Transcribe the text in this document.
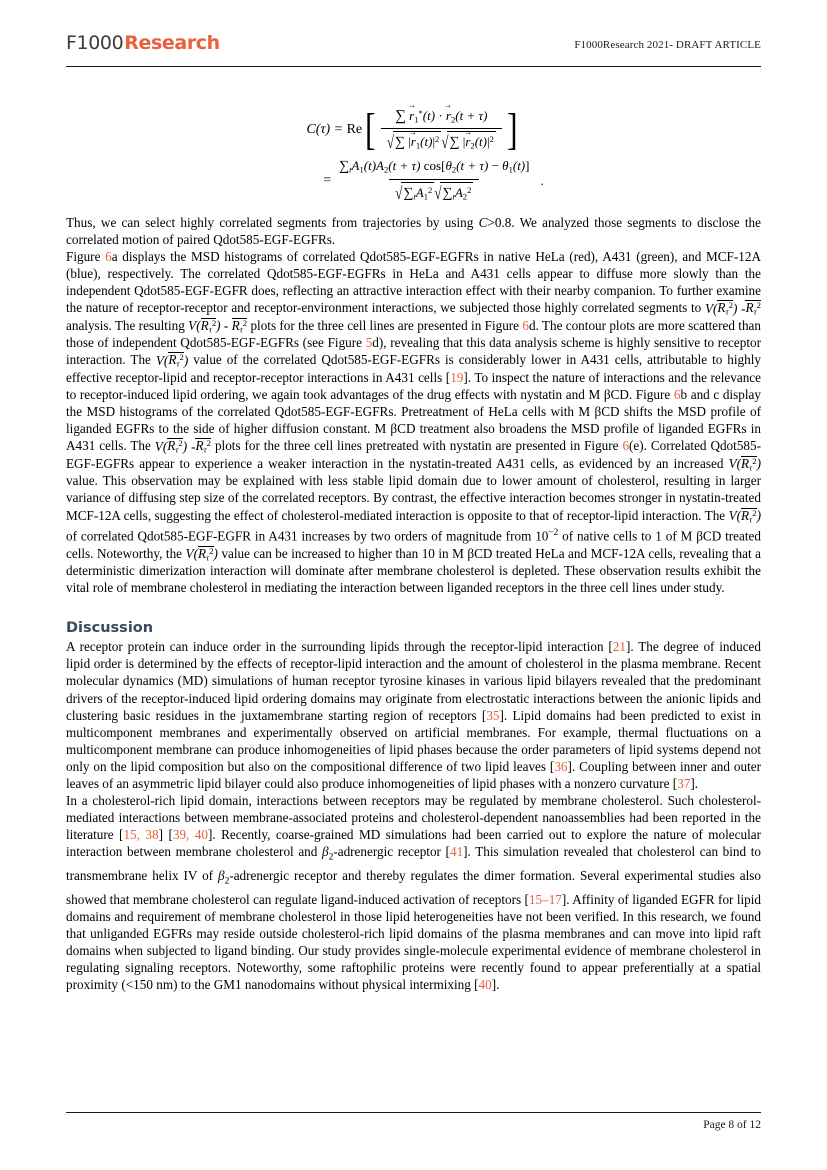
F1000Research	F1000Research 2021- DRAFT ARTICLE
C(τ) = Re [ $\frac{\sum r \to 1^*(t) \cdot r \to 2(t + \tau)}{√\sum |r \to 1(t)|^2 √\sum |r \to 2(t)|^2}$ ]
= $\frac{\sum_tA1(t)A2(t + \tau) \cos[\theta 2(t + \tau) - \theta 1(t)]}{√\sum_tA1^2 √\sum_tA2^2}$ .

Thus, we can select highly correlated segments from trajectories by using C>0.8. We analyzed those segments to disclose the correlated motion of paired Qdot585-EGF-EGFRs.

Figure 6a displays the MSD histograms of correlated Qdot585-EGF-EGFRs in native HeLa (red), A431 (green), and MCF-12A (blue), respectively. The correlated Qdot585-EGF-EGFRs in HeLa and A431 cells appear to diffuse more slowly than the independent Qdot585-EGF-EGFR does, reflecting an attractive interaction effect with their nearby companion. To further examine the nature of receptor-receptor and receptor-environment interactions, we subjected those highly correlated segments to $V(R_\tau^2)$ $-R_\tau^2$ analysis. The resulting $V(R_\tau^2) - R_\tau^2$ plots for the three cell lines are presented in Figure 6d. The contour plots are more scattered than those of independent Qdot585-EGF-EGFRs (see Figure 5d), revealing that this data analysis scheme is highly sensitive to receptor interaction. The $V(R_\tau^2)$ value of the correlated Qdot585-EGF-EGFRs is considerably lower in A431 cells, attributable to highly effective receptor-lipid and receptor-receptor interactions in A431 cells [19]. To inspect the nature of interactions and the relevance to receptor-induced lipid ordering, we again took advantages of the drug effects with nystatin and M βCD. Figure 6b and c display the MSD histograms of the correlated Qdot585-EGF-EGFRs. Pretreatment of HeLa cells with M βCD shifts the MSD profile of liganded EGFRs to the side of higher diffusion constant. M βCD treatment also broadens the MSD profile of liganded EGFRs in A431 cells. The $V(R_\tau^2)$ $-R_\tau^2$ plots for the three cell lines pretreated with nystatin are presented in Figure 6(e). Correlated Qdot585-EGF-EGFRs appear to experience a weaker interaction in the nystatin-treated A431 cells, as evidenced by an increased $V(R_\tau^2)$ value. This observation may be explained with less stable lipid domain due to lower amount of cholesterol, resulting in larger variance of diffusing step size of the correlated receptors. By contrast, the effective interaction becomes stronger in nystatin-treated MCF-12A cells, suggesting the effect of cholesterol-mediated interaction is opposite to that of receptor-lipid interaction. The $V(R_\tau^2)$ of correlated Qdot585-EGF-EGFR in A431 increases by two orders of magnitude from $10^{-2}$ of native cells to 1 of M βCD treated cells. Noteworthy, the $V(R_\tau^2)$ value can be increased to higher than 10 in M βCD treated HeLa and MCF-12A cells, revealing that a deterministic dimerization interaction will dominate after membrane cholesterol is depleted. These observation results exhibit the vital role of membrane cholesterol in mediating the interaction between liganded receptors in the three cell lines under study.

Discussion

A receptor protein can induce order in the surrounding lipids through the receptor-lipid interaction [21]. The degree of induced lipid order is determined by the effects of receptor-lipid interaction and the amount of cholesterol in the plasma membrane. Recent molecular dynamics (MD) simulations of human receptor tyrosine kinases in various lipid bilayers revealed that the predominant drivers of the receptor-induced lipid ordering domains may originate from electrostatic interactions between the anionic lipids and clustering basic residues in the juxtamembrane starting region of receptors [35]. Lipid domains had been predicted to exist in multicomponent membranes and experimentally observed on artificial membranes. For example, thermal fluctuations on a multicomponent membrane can produce inhomogeneities of lipid phases because the order parameters of lipid systems depend not only on the lipid composition but also on the compositional difference of two lipid leaves [36]. Coupling between inner and outer leaves of an asymmetric lipid bilayer could also produce inhomogeneities of lipid phases with a nonzero curvature [37].

In a cholesterol-rich lipid domain, interactions between receptors may be regulated by membrane cholesterol. Such cholesterol-mediated interactions between membrane-associated proteins and cholesterol-dependent nanoassemblies had been reported in the literature [15, 38] [39, 40]. Recently, coarse-grained MD simulations had been carried out to explore the nature of molecular interaction between membrane cholesterol and $\beta_2$-adrenergic receptor [41]. This simulation revealed that cholesterol can bind to transmembrane helix IV of $\beta_2$-adrenergic receptor and thereby regulates the dimer formation. Several experimental studies also showed that membrane cholesterol can regulate ligand-induced activation of receptors [15–17]. Affinity of liganded EGFR for lipid domains and requirement of membrane cholesterol in those lipid heterogeneities have not been verified. In this research, we found that unliganded EGFRs may reside outside cholesterol-rich lipid domains of the plasma membranes and can move into lipid raft domains when subjected to ligand binding. Our study provides single-molecule experimental evidence of membrane cholesterol in regulating signaling receptors. Noteworthy, some raftophilic proteins were recently found to appear preferentially at a spatial proximity (<150 nm) to the GM1 nanodomains without physical intermixing [40].

Page 8 of 12
